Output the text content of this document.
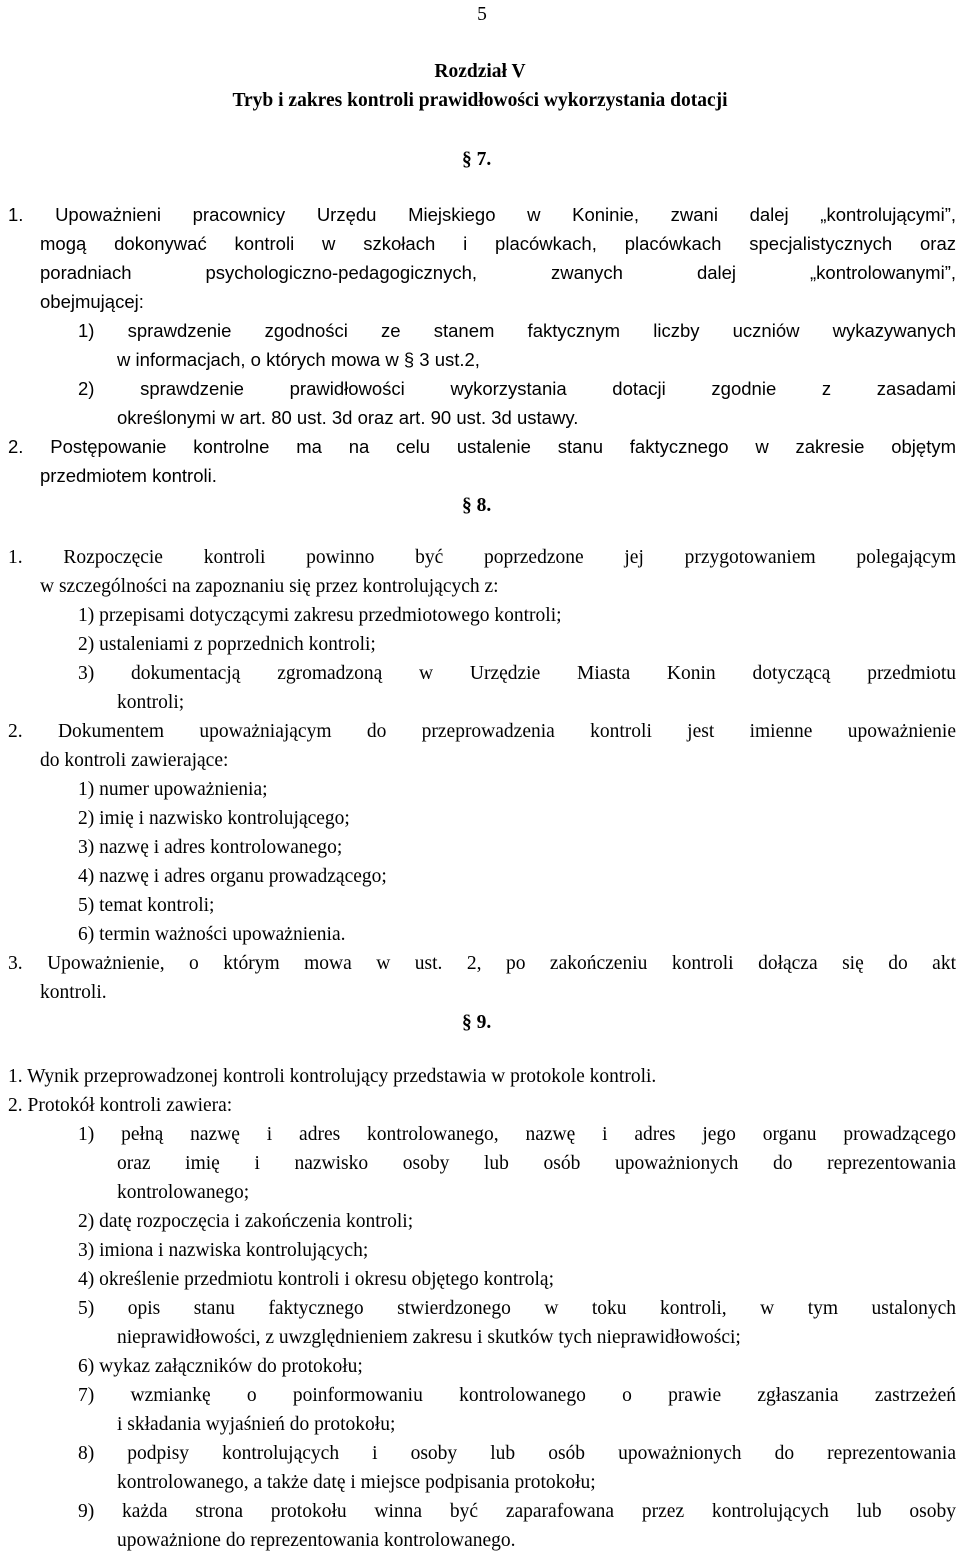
5
Rozdział V
Tryb i zakres kontroli prawidłowości wykorzystania dotacji
§ 7.
1. Upoważnieni pracownicy Urzędu Miejskiego w Koninie, zwani dalej „kontrolującymi”,
mogą dokonywać kontroli w szkołach i placówkach, placówkach specjalistycznych oraz
poradniach psychologiczno-pedagogicznych, zwanych dalej „kontrolowanymi”,
obejmującej:
1) sprawdzenie zgodności ze stanem faktycznym liczby uczniów wykazywanych
w informacjach, o których mowa w § 3 ust.2,
2) sprawdzenie prawidłowości wykorzystania dotacji zgodnie z zasadami
określonymi w art. 80 ust. 3d oraz art. 90 ust. 3d ustawy.
2. Postępowanie kontrolne ma na celu ustalenie stanu faktycznego w zakresie objętym
przedmiotem kontroli.
§ 8.
1. Rozpoczęcie kontroli powinno być poprzedzone jej przygotowaniem polegającym
w szczególności na zapoznaniu się przez kontrolujących z:
1) przepisami dotyczącymi zakresu przedmiotowego kontroli;
2) ustaleniami z poprzednich kontroli;
3) dokumentacją zgromadzoną w Urzędzie Miasta Konin dotyczącą przedmiotu
kontroli;
2. Dokumentem upoważniającym do przeprowadzenia kontroli jest imienne upoważnienie
do kontroli zawierające:
1) numer upoważnienia;
2) imię i nazwisko kontrolującego;
3) nazwę i adres kontrolowanego;
4) nazwę i adres organu prowadzącego;
5) temat kontroli;
6) termin ważności upoważnienia.
3. Upoważnienie, o którym mowa w ust. 2, po zakończeniu kontroli dołącza się do akt
kontroli.
§ 9.
1. Wynik przeprowadzonej kontroli kontrolujący przedstawia w protokole kontroli.
2. Protokół kontroli zawiera:
1) pełną nazwę i adres kontrolowanego, nazwę i adres jego organu prowadzącego
oraz imię i nazwisko osoby lub osób upoważnionych do reprezentowania
kontrolowanego;
2) datę rozpoczęcia i zakończenia kontroli;
3) imiona i nazwiska kontrolujących;
4) określenie przedmiotu kontroli i okresu objętego kontrolą;
5) opis stanu faktycznego stwierdzonego w toku kontroli, w tym ustalonych
nieprawidłowości, z uwzględnieniem zakresu i skutków tych nieprawidłowości;
6) wykaz załączników do protokołu;
7) wzmiankę o poinformowaniu kontrolowanego o prawie zgłaszania zastrzeżeń
i składania wyjaśnień do protokołu;
8) podpisy kontrolujących i osoby lub osób upoważnionych do reprezentowania
kontrolowanego, a także datę i miejsce podpisania protokołu;
9) każda strona protokołu winna być zaparafowana przez kontrolujących lub osoby
upoważnione do reprezentowania kontrolowanego.
